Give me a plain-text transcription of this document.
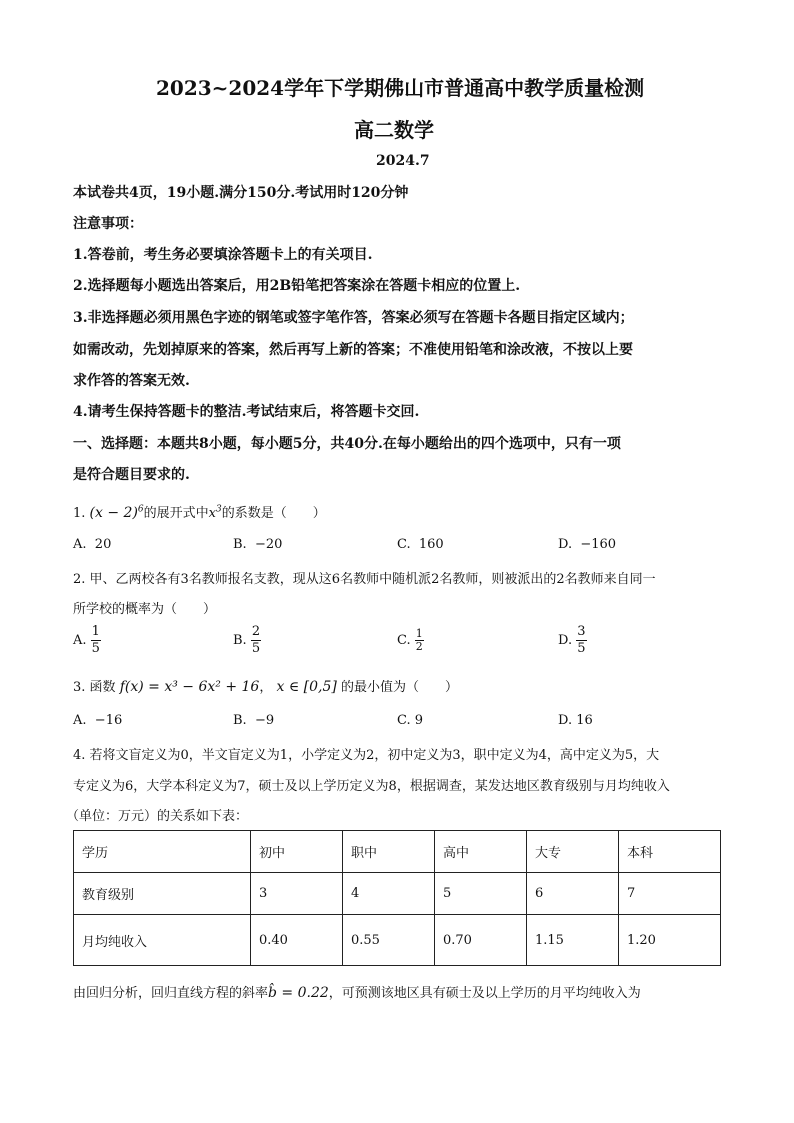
2023~2024学年下学期佛山市普通高中教学质量检测
高二数学
2024.7
本试卷共4页，19小题.满分150分.考试用时120分钟
注意事项：
1.答卷前，考生务必要填涂答题卡上的有关项目.
2.选择题每小题选出答案后，用2B铅笔把答案涂在答题卡相应的位置上.
3.非选择题必须用黑色字迹的钢笔或签字笔作答，答案必须写在答题卡各题目指定区域内；
如需改动，先划掉原来的答案，然后再写上新的答案；不准使用铅笔和涂改液，不按以上要
求作答的答案无效.
4.请考生保持答题卡的整洁.考试结束后，将答题卡交回.
一、选择题：本题共8小题，每小题5分，共40分.在每小题给出的四个选项中，只有一项
是符合题目要求的.
1. $(x - 2)^6$的展开式中$x^3$的系数是（　　）
A. 20	B. −20	C. 160	D. −160
2. 甲、乙两校各有3名教师报名支教，现从这6名教师中随机派2名教师，则被派出的2名教师来自同一
所学校的概率为（　　）
A. $\frac{1}{5}$	B. $\frac{2}{5}$	C. $\frac{1}{2}$	D. $\frac{3}{5}$
3. 函数 f(x) = x³ − 6x² + 16， x ∈ [0,5] 的最小值为（　　）
A. −16	B. −9	C. 9	D. 16
4. 若将文盲定义为0，半文盲定义为1，小学定义为2，初中定义为3，职中定义为4，高中定义为5，大
专定义为6，大学本科定义为7，硕士及以上学历定义为8，根据调查，某发达地区教育级别与月均纯收入
（单位：万元）的关系如下表：
学历	初中	职中	高中	大专	本科
教育级别	3	4	5	6	7
月均纯收入	0.40	0.55	0.70	1.15	1.20
由回归分析，回归直线方程的斜率b̂ = 0.22，可预测该地区具有硕士及以上学历的月平均纯收入为
